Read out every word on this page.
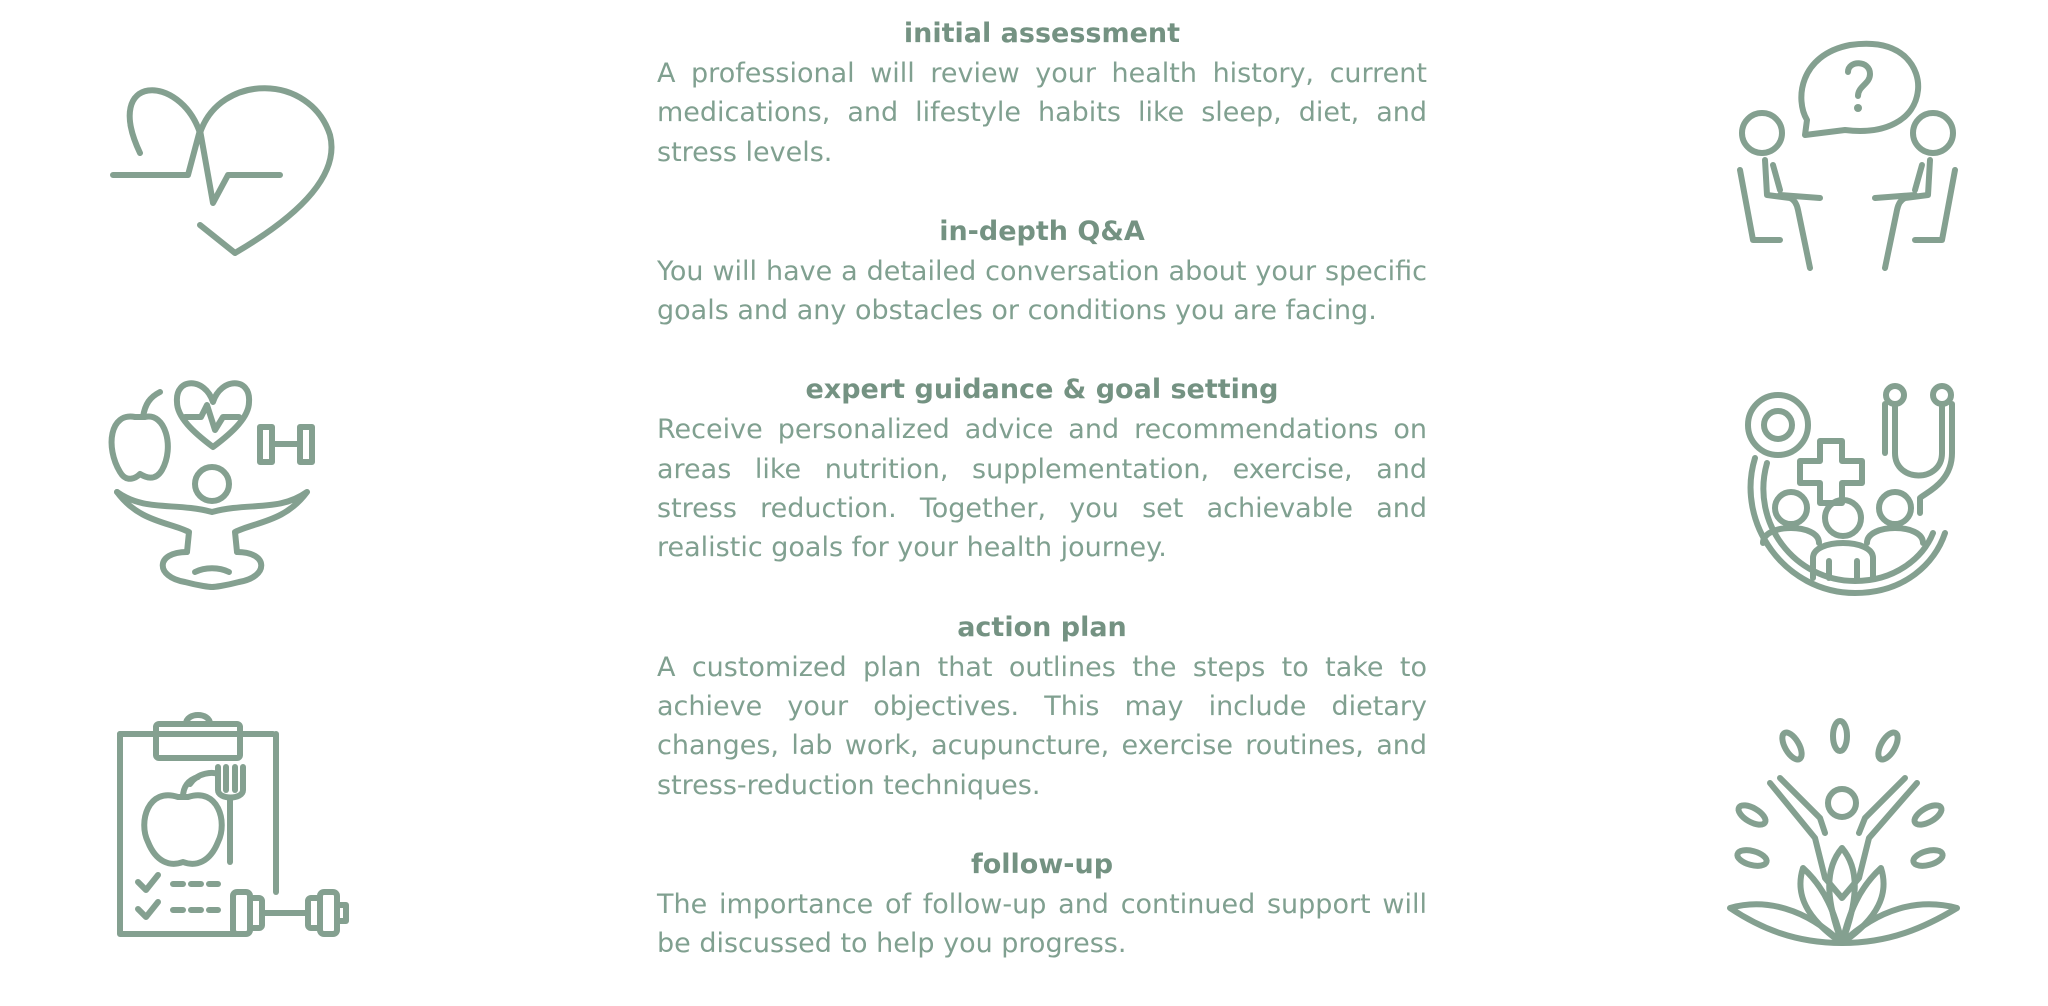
initial assessment

A professional will review your health history, current medications, and lifestyle habits like sleep, diet, and stress levels.

in-depth Q&A

You will have a detailed conversation about your specific goals and any obstacles or conditions you are facing.

expert guidance & goal setting

Receive personalized advice and recommendations on areas like nutrition, supplementation, exercise, and stress reduction. Together, you set achievable and realistic goals for your health journey.

action plan

A customized plan that outlines the steps to take to achieve your objectives. This may include dietary changes, lab work, acupuncture, exercise routines, and stress-reduction techniques.

follow-up

The importance of follow-up and continued support will be discussed to help you progress.
